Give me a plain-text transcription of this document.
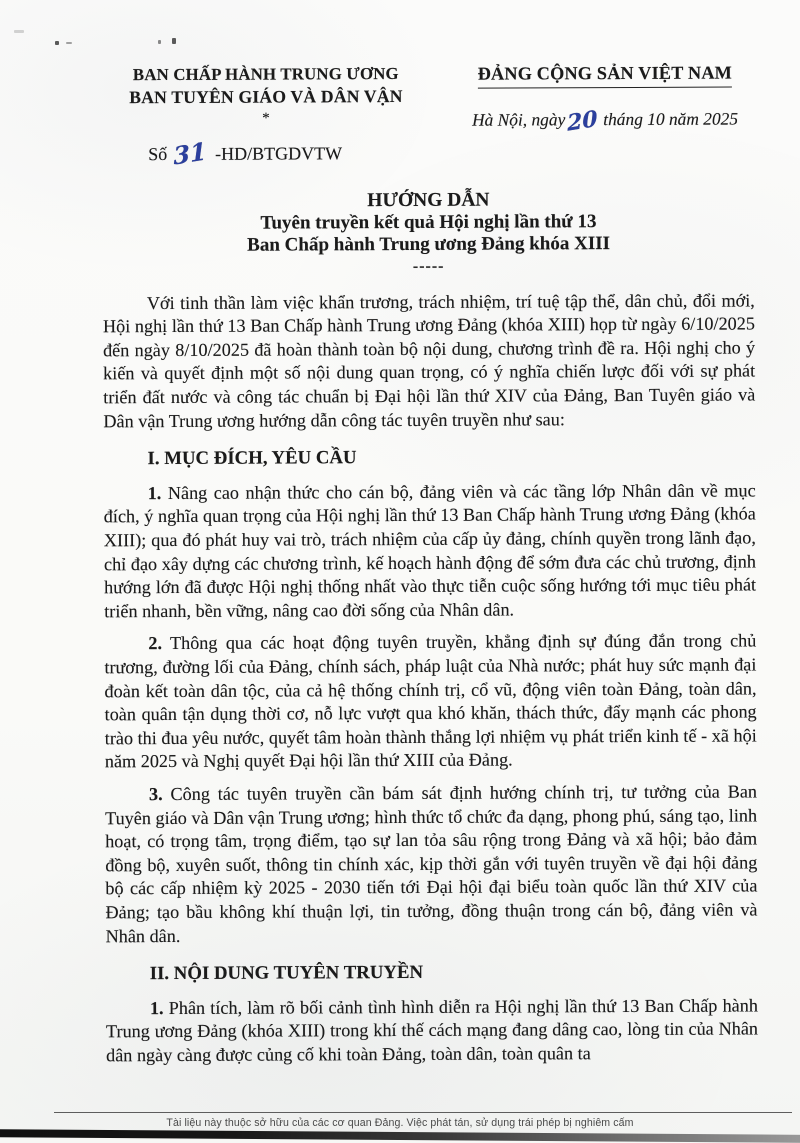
BAN CHẤP HÀNH TRUNG ƯƠNG
BAN TUYÊN GIÁO VÀ DÂN VẬN
*
Số 31 -HD/BTGDVTW
ĐẢNG CỘNG SẢN VIỆT NAM
Hà Nội, ngày20 tháng 10 năm 2025
HƯỚNG DẪN
Tuyên truyền kết quả Hội nghị lần thứ 13
Ban Chấp hành Trung ương Đảng khóa XIII
-----

Với tinh thần làm việc khẩn trương, trách nhiệm, trí tuệ tập thể, dân chủ, đổi mới, Hội nghị lần thứ 13 Ban Chấp hành Trung ương Đảng (khóa XIII) họp từ ngày 6/10/2025 đến ngày 8/10/2025 đã hoàn thành toàn bộ nội dung, chương trình đề ra. Hội nghị cho ý kiến và quyết định một số nội dung quan trọng, có ý nghĩa chiến lược đối với sự phát triển đất nước và công tác chuẩn bị Đại hội lần thứ XIV của Đảng, Ban Tuyên giáo và Dân vận Trung ương hướng dẫn công tác tuyên truyền như sau:

I. MỤC ĐÍCH, YÊU CẦU

1. Nâng cao nhận thức cho cán bộ, đảng viên và các tầng lớp Nhân dân về mục đích, ý nghĩa quan trọng của Hội nghị lần thứ 13 Ban Chấp hành Trung ương Đảng (khóa XIII); qua đó phát huy vai trò, trách nhiệm của cấp ủy đảng, chính quyền trong lãnh đạo, chỉ đạo xây dựng các chương trình, kế hoạch hành động để sớm đưa các chủ trương, định hướng lớn đã được Hội nghị thống nhất vào thực tiễn cuộc sống hướng tới mục tiêu phát triển nhanh, bền vững, nâng cao đời sống của Nhân dân.

2. Thông qua các hoạt động tuyên truyền, khẳng định sự đúng đắn trong chủ trương, đường lối của Đảng, chính sách, pháp luật của Nhà nước; phát huy sức mạnh đại đoàn kết toàn dân tộc, của cả hệ thống chính trị, cổ vũ, động viên toàn Đảng, toàn dân, toàn quân tận dụng thời cơ, nỗ lực vượt qua khó khăn, thách thức, đẩy mạnh các phong trào thi đua yêu nước, quyết tâm hoàn thành thắng lợi nhiệm vụ phát triển kinh tế - xã hội năm 2025 và Nghị quyết Đại hội lần thứ XIII của Đảng.

3. Công tác tuyên truyền cần bám sát định hướng chính trị, tư tưởng của Ban Tuyên giáo và Dân vận Trung ương; hình thức tổ chức đa dạng, phong phú, sáng tạo, linh hoạt, có trọng tâm, trọng điểm, tạo sự lan tỏa sâu rộng trong Đảng và xã hội; bảo đảm đồng bộ, xuyên suốt, thông tin chính xác, kịp thời gắn với tuyên truyền về đại hội đảng bộ các cấp nhiệm kỳ 2025 - 2030 tiến tới Đại hội đại biểu toàn quốc lần thứ XIV của Đảng; tạo bầu không khí thuận lợi, tin tưởng, đồng thuận trong cán bộ, đảng viên và Nhân dân.

II. NỘI DUNG TUYÊN TRUYỀN

1. Phân tích, làm rõ bối cảnh tình hình diễn ra Hội nghị lần thứ 13 Ban Chấp hành Trung ương Đảng (khóa XIII) trong khí thế cách mạng đang dâng cao, lòng tin của Nhân dân ngày càng được củng cố khi toàn Đảng, toàn dân, toàn quân ta

Tài liệu này thuộc sở hữu của các cơ quan Đảng. Việc phát tán, sử dụng trái phép bị nghiêm cấm
